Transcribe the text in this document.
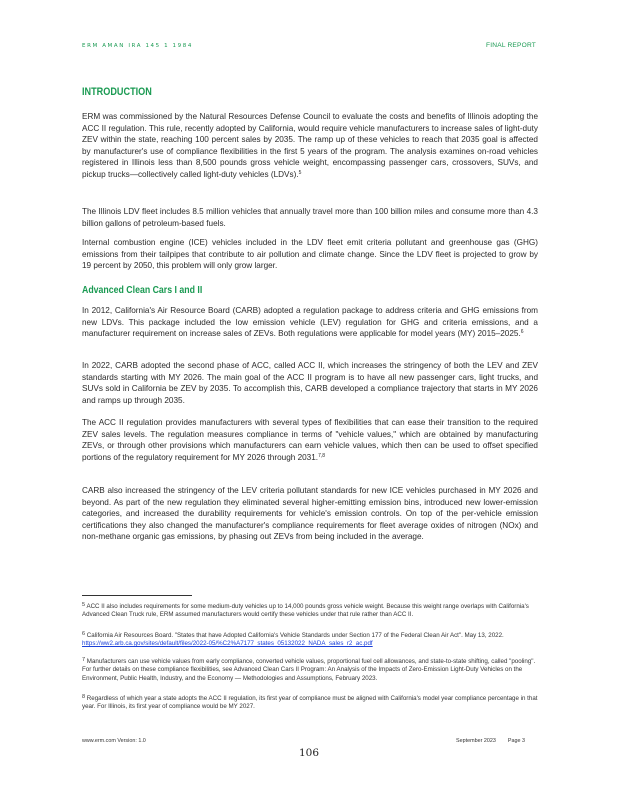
ERM AMAN IRA 145 1 1984	FINAL REPORT
INTRODUCTION

ERM was commissioned by the Natural Resources Defense Council to evaluate the costs and benefits of Illinois adopting the ACC II regulation. This rule, recently adopted by California, would require vehicle manufacturers to increase sales of light-duty ZEV within the state, reaching 100 percent sales by 2035. The ramp up of these vehicles to reach that 2035 goal is affected by manufacturer's use of compliance flexibilities in the first 5 years of the program. The analysis examines on-road vehicles registered in Illinois less than 8,500 pounds gross vehicle weight, encompassing passenger cars, crossovers, SUVs, and pickup trucks—collectively called light-duty vehicles (LDVs).$^5$

The Illinois LDV fleet includes 8.5 million vehicles that annually travel more than 100 billion miles and consume more than 4.3 billion gallons of petroleum-based fuels.

Internal combustion engine (ICE) vehicles included in the LDV fleet emit criteria pollutant and greenhouse gas (GHG) emissions from their tailpipes that contribute to air pollution and climate change. Since the LDV fleet is projected to grow by 19 percent by 2050, this problem will only grow larger.

Advanced Clean Cars I and II

In 2012, California's Air Resource Board (CARB) adopted a regulation package to address criteria and GHG emissions from new LDVs. This package included the low emission vehicle (LEV) regulation for GHG and criteria emissions, and a manufacturer requirement on increase sales of ZEVs. Both regulations were applicable for model years (MY) 2015–2025.$^6$

In 2022, CARB adopted the second phase of ACC, called ACC II, which increases the stringency of both the LEV and ZEV standards starting with MY 2026. The main goal of the ACC II program is to have all new passenger cars, light trucks, and SUVs sold in California be ZEV by 2035. To accomplish this, CARB developed a compliance trajectory that starts in MY 2026 and ramps up through 2035.

The ACC II regulation provides manufacturers with several types of flexibilities that can ease their transition to the required ZEV sales levels. The regulation measures compliance in terms of "vehicle values," which are obtained by manufacturing ZEVs, or through other provisions which manufacturers can earn vehicle values, which then can be used to offset specified portions of the regulatory requirement for MY 2026 through 2031.$^{7,8}$

CARB also increased the stringency of the LEV criteria pollutant standards for new ICE vehicles purchased in MY 2026 and beyond. As part of the new regulation they eliminated several higher-emitting emission bins, introduced new lower-emission categories, and increased the durability requirements for vehicle's emission controls. On top of the per-vehicle emission certifications they also changed the manufacturer's compliance requirements for fleet average oxides of nitrogen (NOx) and non-methane organic gas emissions, by phasing out ZEVs from being included in the average.

5 ACC II also includes requirements for some medium-duty vehicles up to 14,000 pounds gross vehicle weight. Because this weight range overlaps with California's Advanced Clean Truck rule, ERM assumed manufacturers would certify these vehicles under that rule rather than ACC II.

6 California Air Resources Board. "States that have Adopted California's Vehicle Standards under Section 177 of the Federal Clean Air Act". May 13, 2022. https://ww2.arb.ca.gov/sites/default/files/2022-05/%C2%A7177_states_05132022_NADA_sales_r2_ac.pdf

7 Manufacturers can use vehicle values from early compliance, converted vehicle values, proportional fuel cell allowances, and state-to-state shifting, called "pooling". For further details on these compliance flexibilities, see Advanced Clean Cars II Program: An Analysis of the Impacts of Zero-Emission Light-Duty Vehicles on the Environment, Public Health, Industry, and the Economy — Methodologies and Assumptions, February 2023.

8 Regardless of which year a state adopts the ACC II regulation, its first year of compliance must be aligned with California's model year compliance percentage in that year. For Illinois, its first year of compliance would be MY 2027.

www.erm.com Version: 1.0	September 2023 Page 3
106
